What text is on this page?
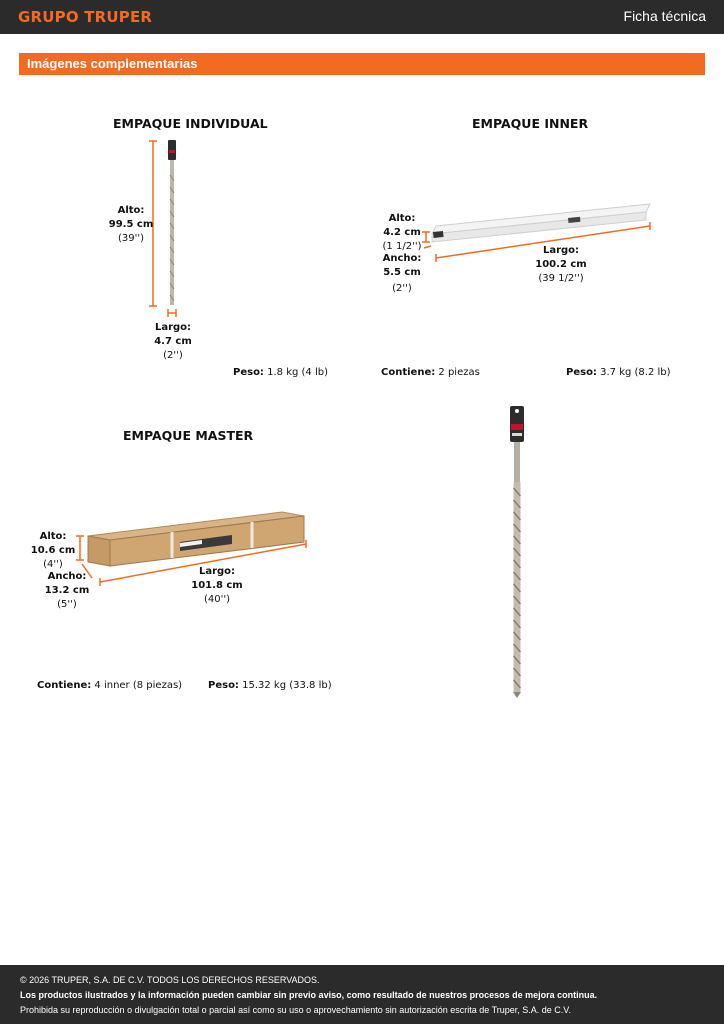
GRUPO TRUPER	Ficha técnica
Imágenes complementarias
EMPAQUE INDIVIDUAL
Alto:
99.5 cm
(39'')
Largo:
4.7 cm
(2'')
Peso: 1.8 kg (4 lb)
EMPAQUE INNER
Alto:
4.2 cm
(1 1/2'')
Ancho:
5.5 cm
(2'')
Largo:
100.2 cm
(39 1/2'')
Contiene: 2 piezas	Peso: 3.7 kg (8.2 lb)
EMPAQUE MASTER
Alto:
10.6 cm
(4'')
Ancho:
13.2 cm
(5'')
Largo:
101.8 cm
(40'')
Contiene: 4 inner (8 piezas)	Peso: 15.32 kg (33.8 lb)
© 2026 TRUPER, S.A. DE C.V. TODOS LOS DERECHOS RESERVADOS.
Los productos ilustrados y la información pueden cambiar sin previo aviso, como resultado de nuestros procesos de mejora continua.
Prohibida su reproducción o divulgación total o parcial así como su uso o aprovechamiento sin autorización escrita de Truper, S.A. de C.V.
